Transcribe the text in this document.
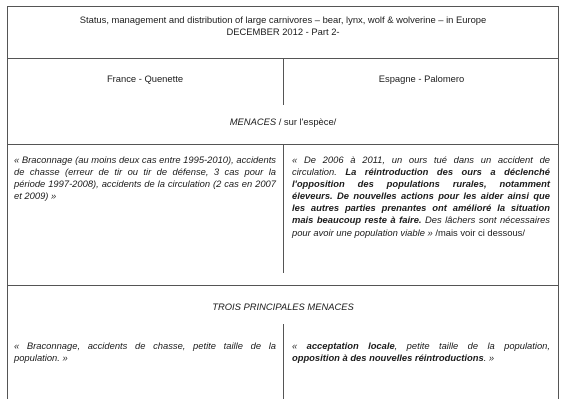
Status, management and distribution of large carnivores – bear, lynx, wolf & wolverine – in Europe
DECEMBER 2012 - Part 2-
France - Quenette	Espagne - Palomero
MENACES / sur l'espèce/
« Braconnage (au moins deux cas entre 1995-2010), accidents de chasse (erreur de tir ou tir de défense, 3 cas pour la période 1997-2008), accidents de la circulation (2 cas en 2007 et 2009) »
« De 2006 à 2011, un ours tué dans un accident de circulation. La réintroduction des ours a déclenché l'opposition des populations rurales, notamment éleveurs. De nouvelles actions pour les aider ainsi que les autres parties prenantes ont amélioré la situation mais beaucoup reste à faire. Des lâchers sont nécessaires pour avoir une population viable » /mais voir ci dessous/
TROIS PRINCIPALES MENACES
« Braconnage, accidents de chasse, petite taille de la population. »
« acceptation locale, petite taille de la population, opposition à des nouvelles réintroductions. »
